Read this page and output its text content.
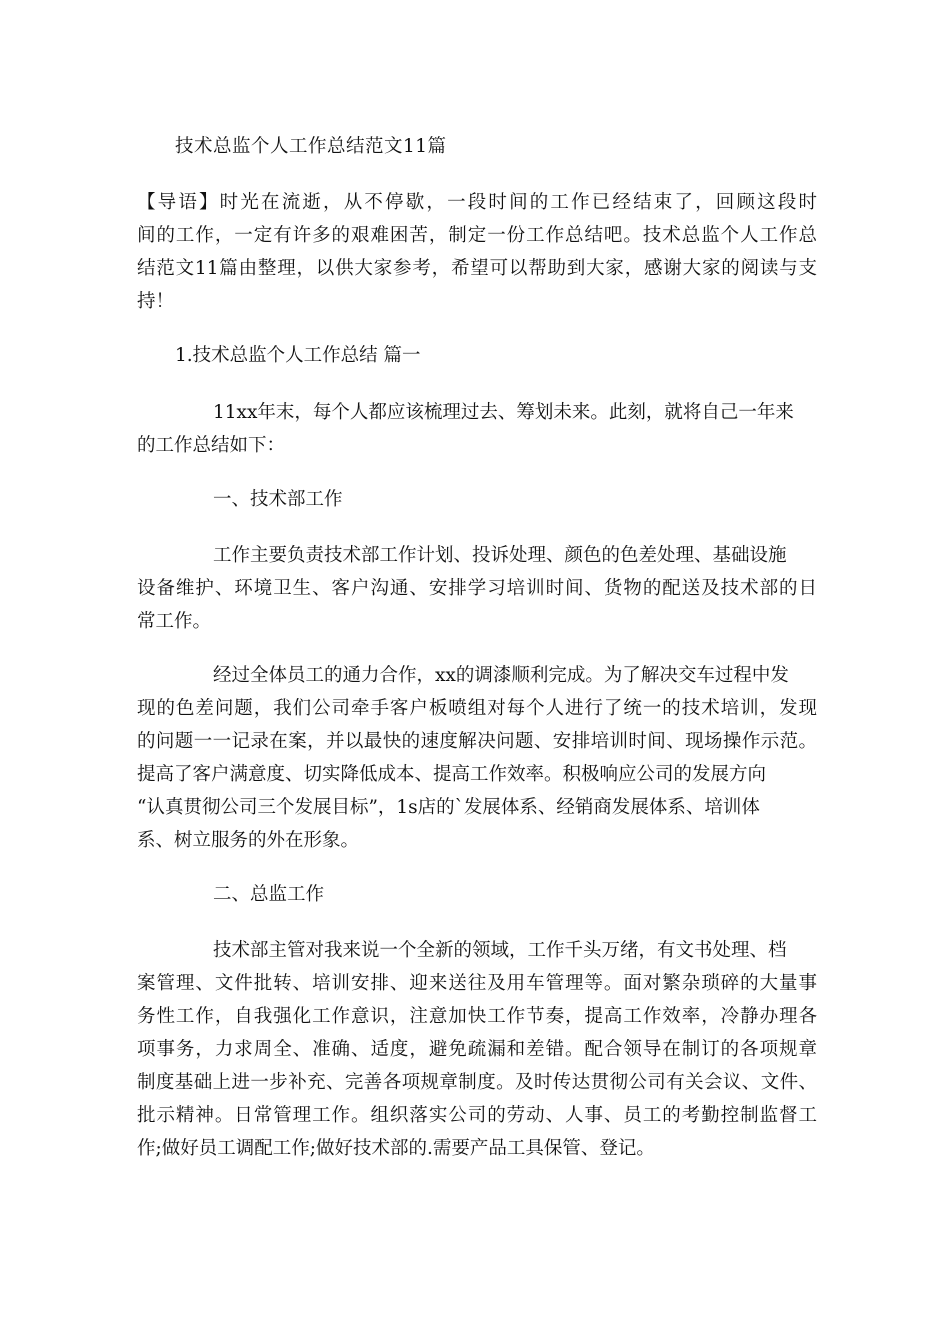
技术总监个人工作总结范文11篇
【导语】时光在流逝，从不停歇，一段时间的工作已经结束了，回顾这段时
间的工作，一定有许多的艰难困苦，制定一份工作总结吧。技术总监个人工作总
结范文11篇由整理，以供大家参考，希望可以帮助到大家，感谢大家的阅读与支
持！
1.技术总监个人工作总结 篇一
11xx年末，每个人都应该梳理过去、筹划未来。此刻，就将自己一年来
的工作总结如下：
一、技术部工作
工作主要负责技术部工作计划、投诉处理、颜色的色差处理、基础设施
设备维护、环境卫生、客户沟通、安排学习培训时间、货物的配送及技术部的日
常工作。
经过全体员工的通力合作，xx的调漆顺利完成。为了解决交车过程中发
现的色差问题，我们公司牵手客户板喷组对每个人进行了统一的技术培训，发现
的问题一一记录在案，并以最快的速度解决问题、安排培训时间、现场操作示范。
提高了客户满意度、切实降低成本、提高工作效率。积极响应公司的发展方向
“认真贯彻公司三个发展目标”，1s店的`发展体系、经销商发展体系、培训体
系、树立服务的外在形象。
二、总监工作
技术部主管对我来说一个全新的领域，工作千头万绪，有文书处理、档
案管理、文件批转、培训安排、迎来送往及用车管理等。面对繁杂琐碎的大量事
务性工作，自我强化工作意识，注意加快工作节奏，提高工作效率，冷静办理各
项事务，力求周全、准确、适度，避免疏漏和差错。配合领导在制订的各项规章
制度基础上进一步补充、完善各项规章制度。及时传达贯彻公司有关会议、文件、
批示精神。日常管理工作。组织落实公司的劳动、人事、员工的考勤控制监督工
作;做好员工调配工作;做好技术部的.需要产品工具保管、登记。
